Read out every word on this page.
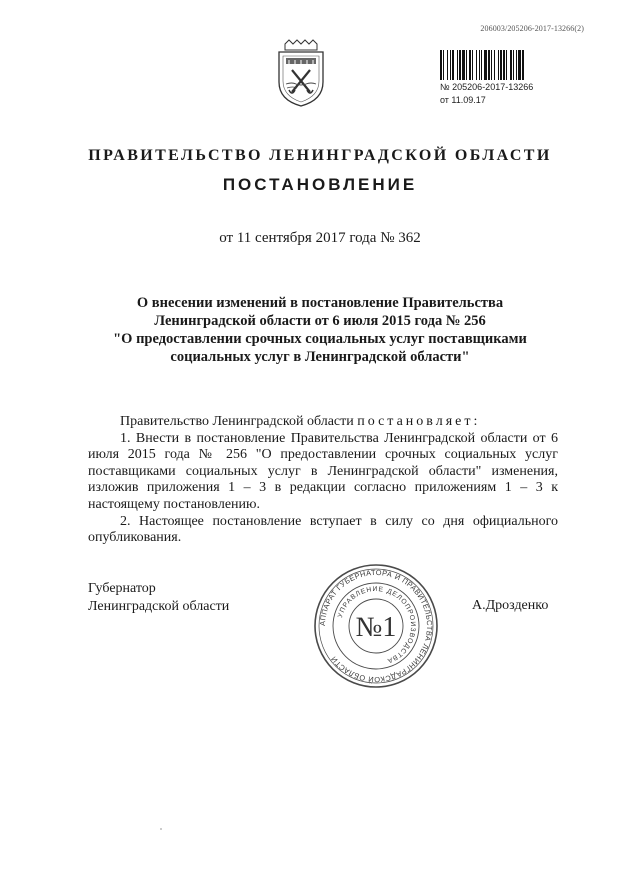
206003/205206-2017-13266(2)
№ 205206-2017-13266
от 11.09.17
ПРАВИТЕЛЬСТВО ЛЕНИНГРАДСКОЙ ОБЛАСТИ
ПОСТАНОВЛЕНИЕ
от 11 сентября 2017 года № 362
О внесении изменений в постановление Правительства
Ленинградской области от 6 июля 2015 года № 256
"О предоставлении срочных социальных услуг поставщиками
социальных услуг в Ленинградской области"

Правительство Ленинградской области постановляет:

1. Внести в постановление Правительства Ленинградской области от 6 июля 2015 года № 256 "О предоставлении срочных социальных услуг поставщиками социальных услуг в Ленинградской области" изменения, изложив приложения 1 – 3 в редакции согласно приложениям 1 – 3 к настоящему постановлению.

2. Настоящее постановление вступает в силу со дня официального опубликования.

Губернатор
Ленинградской области	А.Дрозденко
АППАРАТ ГУБЕРНАТОРА И ПРАВИТЕЛЬСТВА ЛЕНИНГРАДСКОЙ ОБЛАСТИ
УПРАВЛЕНИЕ ДЕЛОПРОИЗВОДСТВА
№1
